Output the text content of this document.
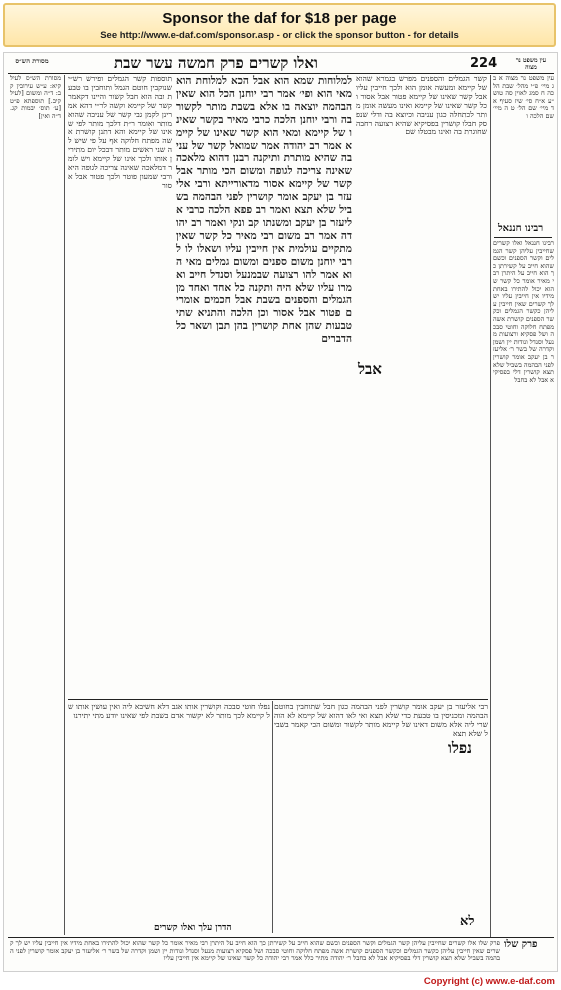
Sponsor the daf for $18 per page
See http://www.e-daf.com/sponsor.asp - or click the sponsor button - for details
224
ואלו קשרים פרק חמשה עשר שבת	עין משפט נר מצוה
מסורת הש״ס
עין משפט נר מצוה א ב ג מיי׳ פ״י מהל׳ שבת הלכה ח סמג לאוין סה טוש״ע א״ח סי׳ שיז סעיף א ד מיי׳ שם הל׳ ט ה מיי׳ שם הלכה ו
רבינו חננאל
רבינו חננאל ואלו קשרים שחייבין עליהן קשר הגמלים וקשר הספנים וכשם שהוא חייב על קשירתן כך הוא חייב על היתרן רבי מאיר אומר כל קשר שהוא יכול להתירו באחת מידיו אין חייבין עליו יש לך קשרים שאין חייבין עליהן כקשר הגמלים וכקשר הספנים קושרת אשה מפתח חלוקה וחוטי סבכה ושל פסקיא ורצועות מנעל וסנדל ונודות יין ושמן וקדרה של בשר ר׳ אליעזר בן יעקב אומר קושרין לפני הבהמה בשביל שלא תצא קושרין דלי בפסיקיא אבל לא בחבל
קשר הגמלים והספנים מפרש בגמרא שהוא של קיימא ומעשה אומן הוא ולכך חייבין עליו אבל קשר שאינו של קיימא פטור אבל אסור וכל קשר שאינו של קיימא ואינו מעשה אומן מותר לכתחלה כגון עניבה וכיוצא בה ודלי שנפסק חבלו קושרין בפסיקיא שהיא רצועה רחבה שחוגרת בה ואינו מבטלו שם
אבל
למלוחות שמא הוא אבל הכא למלוחת הוא מאי הוא ופי׳ אמר רבי יוחנן הכל הוא שאין הבהמה יוצאה בו אלא בשבת מותר לקשור בה ורבי יוחנן הלכה כרבי מאיר בקשר שאינו של קיימא ומאי הוא קשר שאינו של קיימא אמר רב יהודה אמר שמואל קשר של עניבה שהיא מותרת ותיקנה רבנן דהוא מלאכה שאינה צריכה לגופה ומשום הכי מותר אבל קשר של קיימא אסור מדאורייתא ורבי אליעזר בן יעקב אומר קושרין לפני הבהמה בשביל שלא תצא ואמר רב פפא הלכה כרבי אליעזר בן יעקב ומשנתו קב ונקי ואמר רב יהודה אמר רב משום רבי מאיר כל קשר שאין מתקיים עולמית אין חייבין עליו ושאלו לו לרבי יוחנן משום ספנים ומשום גמלים מאי הוא אמר להו רצועה שבמנעל וסנדל חייב ואמרו עליו שלא היה ותקנה כל אחד ואחד מן הגמלים והספנים בשבת אבל חכמים אומרים פטור אבל אסור וכן הלכה והתניא שתי טבעות שהן אחת קושרין בהן תבן ושאר כל הדברים
תוספות קשר הגמלים ופירש רש״י שנוקבין חוטם הגמל ותוחבין בו טבעת ובה הוא חבל קשור והיינו דקאמר קשר של קיימא וקשה לר״י דהא אמרינן לקמן גבי קשר של עניבה שהוא מותר ואומר ר״ת דלכך מותר לפי שאינו של קיימא והא דתנן קושרת אשה מפתח חלוקה אף על פי שיש לה שני ראשים מותר דבכל יום מתירין אותו ולכך אינו של קיימא ויש לומר דמלאכה שאינה צריכה לגופה היא ורבי שמעון פוטר ולכך פטור אבל אסור
מסורת הש״ס לעיל קיא: ע״ש עירובין קב: ד״ה ומשום [לעיל קיב.] תוספתא פ״ט [ע׳ תוס׳ יבמות קג. ד״ה ואין]
רבי אליעזר בן יעקב אומר קושרין לפני הבהמה כגון חבל שתוחבין בחוטם הבהמה ומכניסין בו טבעת כדי שלא תצא ואי לאו דהוא של קיימא לא הוה שרי ליה אלא משום דאינו של קיימא מותר לקשור ומשום הכי קאמר בשביל שלא תצא
נפלו חוטי סבכה וקושרין אותו אגב דלא חשיבא ליה ואין עושין אותו של קיימא לכך מותר לא יקשור אדם בשבת לפי שאינו יודע מתי יתירנו
נפלו
לא
הדרן עלך ואלו קשרים
פרק שלו
פרק שלו אלו קשרים שחייבין עליהן קשר הגמלים וקשר הספנים וכשם שהוא חייב על קשירתן כך הוא חייב על היתרן רבי מאיר אומר כל קשר שהוא יכול להתירו באחת מידיו אין חייבין עליו יש לך קשרים שאין חייבין עליהן כקשר הגמלים וכקשר הספנים קושרת אשה מפתח חלוקה וחוטי סבכה ושל פסקיא רצועות מנעל וסנדל ונודות יין ושמן וקדרה של בשר ר׳ אליעזר בן יעקב אומר קושרין לפני הבהמה בשביל שלא תצא קושרין דלי בפסיקיא אבל לא בחבל ר׳ יהודה מתיר כלל אמר רבי יהודה כל קשר שאינו של קיימא אין חייבין עליו
Copyright (c) www.e-daf.com
